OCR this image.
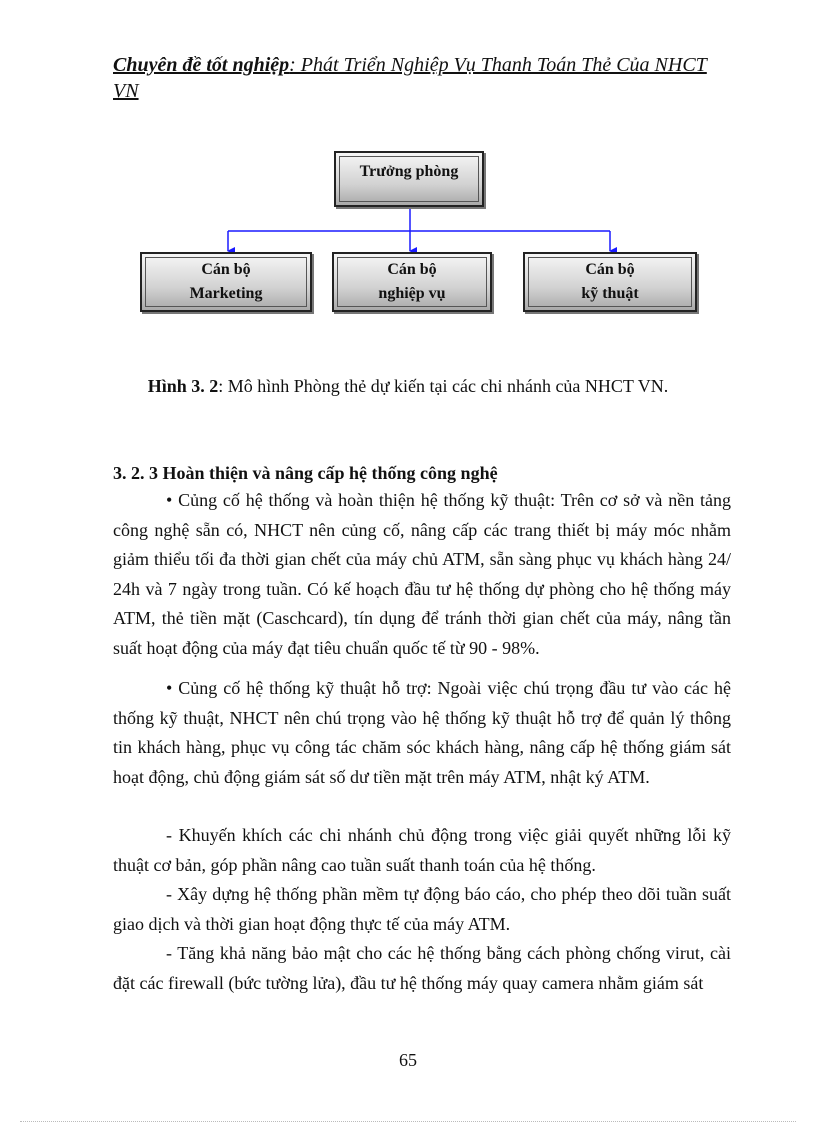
Chuyên đề tốt nghiệp: Phát Triển Nghiệp Vụ Thanh Toán Thẻ Của NHCT VN
Trưởng phòng
Cán bộ
Marketing
Cán bộ
nghiệp vụ
Cán bộ
kỹ thuật
Hình 3. 2: Mô hình Phòng thẻ dự kiến tại các chi nhánh của NHCT VN.
3. 2. 3 Hoàn thiện và nâng cấp hệ thống công nghệ

• Củng cố hệ thống và hoàn thiện hệ thống kỹ thuật: Trên cơ sở và nền tảng công nghệ sẵn có, NHCT nên củng cố, nâng cấp các trang thiết bị máy móc nhằm giảm thiểu tối đa thời gian chết của máy chủ ATM, sẵn sàng phục vụ khách hàng 24/ 24h và 7 ngày trong tuần. Có kế hoạch đầu tư hệ thống dự phòng cho hệ thống máy ATM, thẻ tiền mặt (Caschcard), tín dụng để tránh thời gian chết của máy, nâng tần suất hoạt động của máy đạt tiêu chuẩn quốc tế từ 90 - 98%.

• Củng cố hệ thống kỹ thuật hỗ trợ: Ngoài việc chú trọng đầu tư vào các hệ thống kỹ thuật, NHCT nên chú trọng vào hệ thống kỹ thuật hỗ trợ để quản lý thông tin khách hàng, phục vụ công tác chăm sóc khách hàng, nâng cấp hệ thống giám sát hoạt động, chủ động giám sát số dư tiền mặt trên máy ATM, nhật ký ATM.

- Khuyến khích các chi nhánh chủ động trong việc giải quyết những lỗi kỹ thuật cơ bản, góp phần nâng cao tuần suất thanh toán của hệ thống.

- Xây dựng hệ thống phần mềm tự động báo cáo, cho phép theo dõi tuần suất giao dịch và thời gian hoạt động thực tế của máy ATM.

- Tăng khả năng bảo mật cho các hệ thống bằng cách phòng chống virut, cài đặt các firewall (bức tường lửa), đầu tư hệ thống máy quay camera nhằm giám sát

65
